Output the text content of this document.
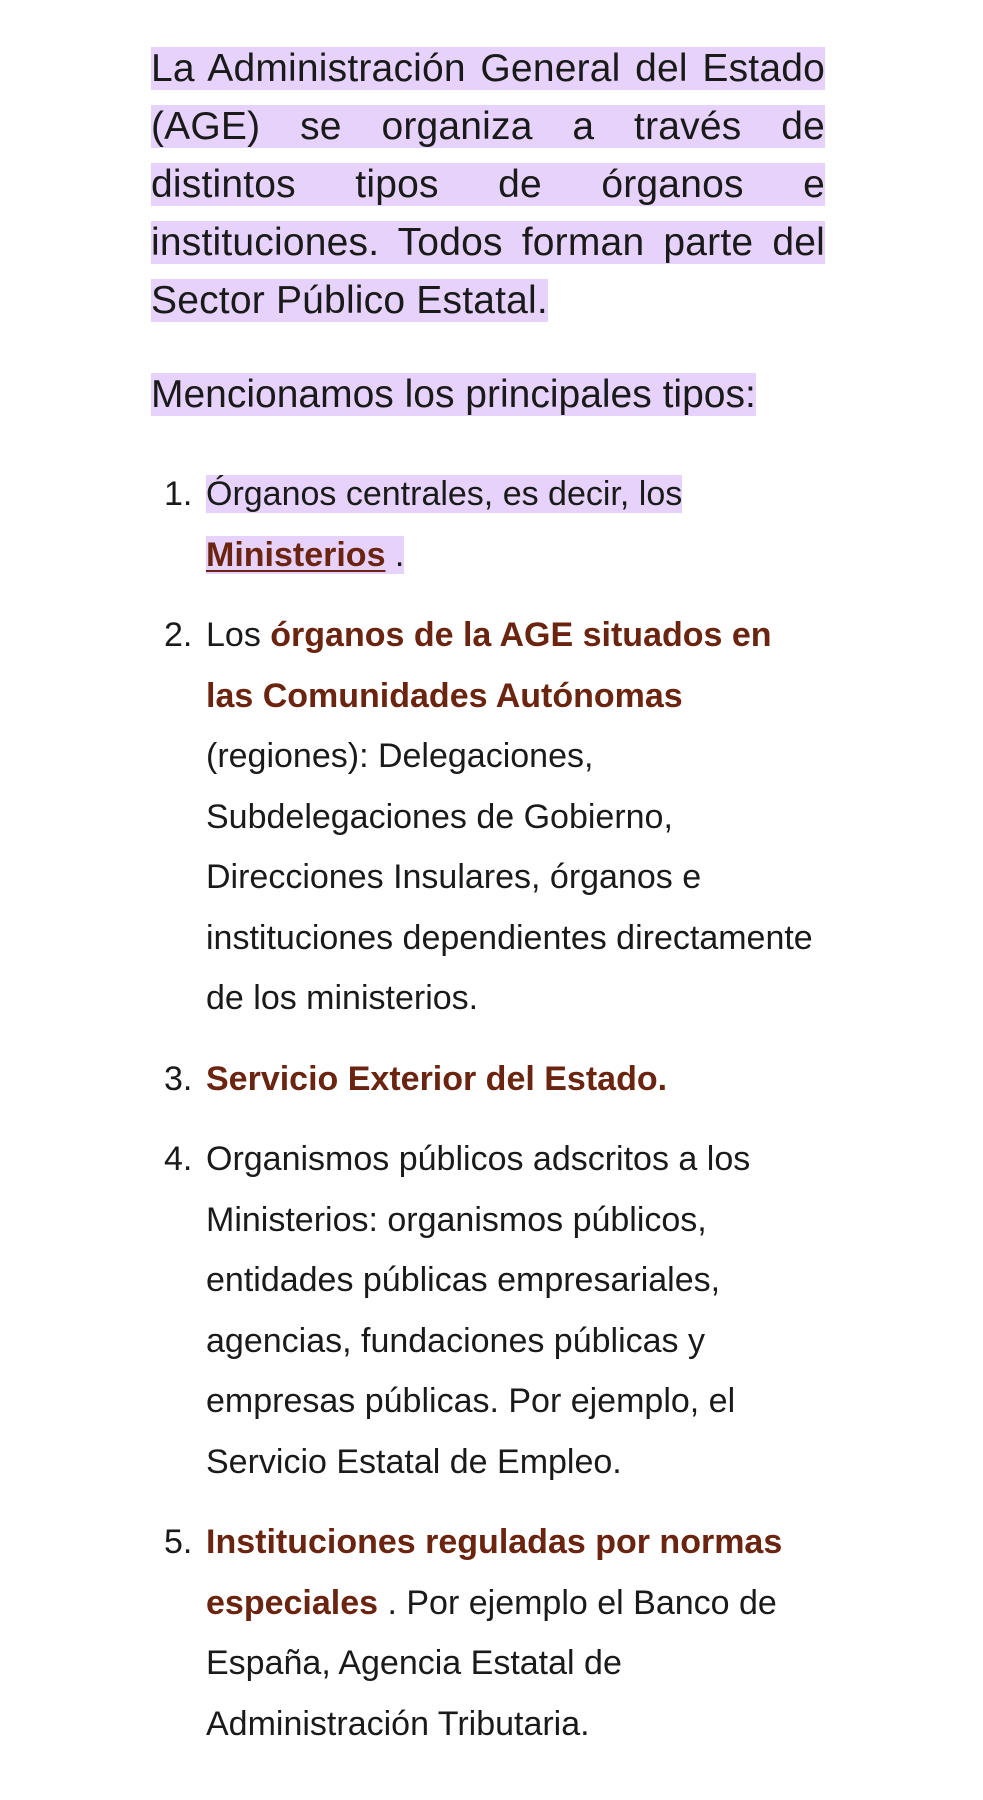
La Administración General del Estado (AGE) se organiza a través de distintos tipos de órganos e instituciones. Todos forman parte del Sector Público Estatal.

Mencionamos los principales tipos:

1. Órganos centrales, es decir, los Ministerios .
2. Los órganos de la AGE situados en las Comunidades Autónomas (regiones): Delegaciones, Subdelegaciones de Gobierno, Direcciones Insulares, órganos e instituciones dependientes directamente de los ministerios.
3. Servicio Exterior del Estado.
4. Organismos públicos adscritos a los Ministerios: organismos públicos, entidades públicas empresariales, agencias, fundaciones públicas y empresas públicas. Por ejemplo, el Servicio Estatal de Empleo.
5. Instituciones reguladas por normas especiales . Por ejemplo el Banco de España, Agencia Estatal de Administración Tributaria.
